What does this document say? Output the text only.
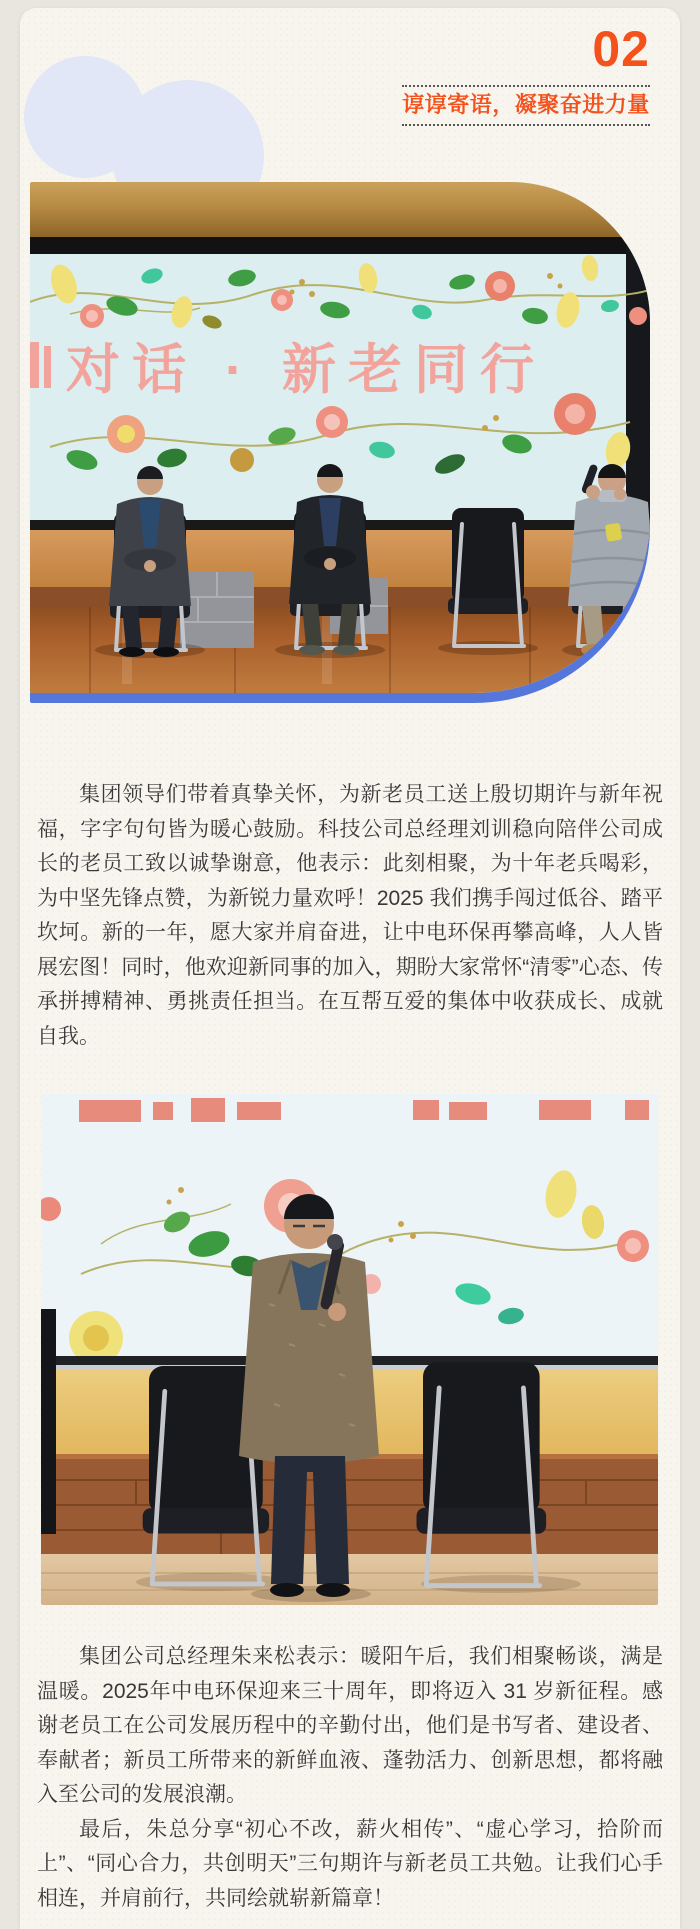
02
谆谆寄语，凝聚奋进力量
对话 · 新老同行

集团领导们带着真挚关怀，为新老员工送上殷切期许与新年祝福，字字句句皆为暖心鼓励。科技公司总经理刘训稳向陪伴公司成长的老员工致以诚挚谢意，他表示：此刻相聚，为十年老兵喝彩，为中坚先锋点赞，为新锐力量欢呼！2025 我们携手闯过低谷、踏平坎坷。新的一年，愿大家并肩奋进，让中电环保再攀高峰，人人皆展宏图！同时，他欢迎新同事的加入，期盼大家常怀“清零”心态、传承拼搏精神、勇挑责任担当。在互帮互爱的集体中收获成长、成就自我。

集团公司总经理朱来松表示：暖阳午后，我们相聚畅谈，满是温暖。2025年中电环保迎来三十周年，即将迈入 31 岁新征程。感谢老员工在公司发展历程中的辛勤付出，他们是书写者、建设者、奉献者；新员工所带来的新鲜血液、蓬勃活力、创新思想，都将融入至公司的发展浪潮。

最后，朱总分享“初心不改，薪火相传”、“虚心学习，拾阶而上”、“同心合力，共创明天”三句期许与新老员工共勉。让我们心手相连，并肩前行，共同绘就崭新篇章！
